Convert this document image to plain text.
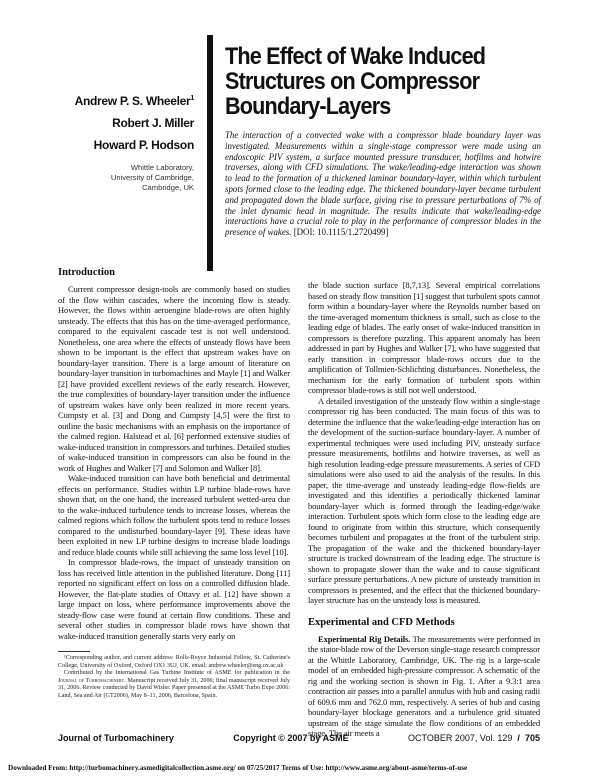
The Effect of Wake Induced Structures on Compressor Boundary-Layers
Andrew P. S. Wheeler$^1$
Robert J. Miller
Howard P. Hodson
Whittle Laboratory,
University of Cambridge,
Cambridge, UK
The interaction of a convected wake with a compressor blade boundary layer was investigated. Measurements within a single-stage compressor were made using an endoscopic PIV system, a surface mounted pressure transducer, hotfilms and hotwire traverses, along with CFD simulations. The wake/leading-edge interaction was shown to lead to the formation of a thickened laminar boundary-layer, within which turbulent spots formed close to the leading edge. The thickened boundary-layer became turbulent and propagated down the blade surface, giving rise to pressure perturbations of 7% of the inlet dynamic head in magnitude. The results indicate that wake/leading-edge interactions have a crucial role to play in the performance of compressor blades in the presence of wakes. [DOI: 10.1115/1.2720499]
Introduction

Current compressor design-tools are commonly based on studies of the flow within cascades, where the incoming flow is steady. However, the flows within aeroengine blade-rows are often highly unsteady. The effects that this has on the time-averaged performance, compared to the equivalent cascade test is not well understood. Nonetheless, one area where the effects of unsteady flows have been shown to be important is the effect that upstream wakes have on boundary-layer transition. There is a large amount of literature on boundary-layer transition in turbomachines and Mayle [1] and Walker [2] have provided excellent reviews of the early research. However, the true complexities of boundary-layer transition under the influence of upstream wakes have only been realized in more recent years. Cumpsty et al. [3] and Dong and Cumpsty [4,5] were the first to outline the basic mechanisms with an emphasis on the importance of the calmed region. Halstead et al. [6] performed extensive studies of wake-induced transition in compressors and turbines. Detailed studies of wake-induced transition in compressors can also be found in the work of Hughes and Walker [7] and Solomon and Walker [8].

Wake-induced transition can have both beneficial and detrimental effects on performance. Studies within LP turbine blade-rows have shown that, on the one hand, the increased turbulent wetted-area due to the wake-induced turbulence tends to increase losses, whereas the calmed regions which follow the turbulent spots tend to reduce losses compared to the undisturbed boundary-layer [9]. These ideas have been exploited in new LP turbine designs to increase blade loadings and reduce blade counts while still achieving the same loss level [10].

In compressor blade-rows, the impact of unsteady transition on loss has received little attention in the published literature. Dong [11] reported no significant effect on loss on a controlled diffusion blade. However, the flat-plate studies of Ottavy et al. [12] have shown a large impact on loss, where performance improvements above the steady-flow case were found at certain flow conditions. These and several other studies in compressor blade rows have shown that wake-induced transition generally starts very early on

¹Corresponding author, and current address: Rolls-Royce Industrial Fellow, St. Catherine's College, University of Oxford, Oxford OX1 3UJ, UK. email: andrew.wheeler@eng.ox.ac.uk

Contributed by the International Gas Turbine Institute of ASME for publication in the Journal of Turbomachinery. Manuscript received July 31, 2006; final manuscript received July 31, 2006. Review conducted by David Wisler. Paper presented at the ASME Turbo Expo 2006: Land, Sea and Air (GT2006), May 8–11, 2006, Barcelona, Spain.

the blade suction surface [8,7,13]. Several empirical correlations based on steady flow transition [1] suggest that turbulent spots cannot form within a boundary-layer where the Reynolds number based on the time-averaged momentum thickness is small, such as close to the leading edge of blades. The early onset of wake-induced transition in compressors is therefore puzzling. This apparent anomaly has been addressed in part by Hughes and Walker [7], who have suggested that early transition in compressor blade-rows occurs due to the amplification of Tollmien-Schlichting disturbances. Nonetheless, the mechanism for the early formation of turbulent spots within compressor blade-rows is still not well understood.

A detailed investigation of the unsteady flow within a single-stage compressor rig has been conducted. The main focus of this was to determine the influence that the wake/leading-edge interaction has on the development of the suction-surface boundary-layer. A number of experimental techniques were used including PIV, unsteady surface pressure measurements, hotfilms and hotwire traverses, as well as high resolution leading-edge pressure measurements. A series of CFD simulations were also used to aid the analysis of the results. In this paper, the time-average and unsteady leading-edge flow-fields are investigated and this identifies a periodically thickened laminar boundary-layer which is formed through the leading-edge/wake interaction. Turbulent spots which form close to the leading edge are found to originate from within this structure, which consequently becomes turbulent and propagates at the front of the turbulent strip. The propagation of the wake and the thickened boundary-layer structure is tracked downstream of the leading edge. The structure is shown to propagate slower than the wake and to cause significant surface pressure perturbations. A new picture of unsteady transition in compressors is presented, and the effect that the thickened boundary-layer structure has on the unsteady loss is measured.

Experimental and CFD Methods

Experimental Rig Details. The measurements were performed in the stator-blade row of the Deverson single-stage research compressor at the Whittle Laboratory, Cambridge, UK. The rig is a large-scale model of an embedded high-pressure compressor. A schematic of the rig and the working section is shown in Fig. 1. After a 9.3:1 area contraction air passes into a parallel annulus with hub and casing radii of 609.6 mm and 762.0 mm, respectively. A series of hub and casing boundary-layer blockage generators and a turbulence grid situated upstream of the stage simulate the flow conditions of an embedded stage. The air meets a

Journal of Turbomachinery	Copyright © 2007 by ASME	OCTOBER 2007, Vol. 129 / 705
Downloaded From: http://turbomachinery.asmedigitalcollection.asme.org/ on 07/25/2017 Terms of Use: http://www.asme.org/about-asme/terms-of-use
